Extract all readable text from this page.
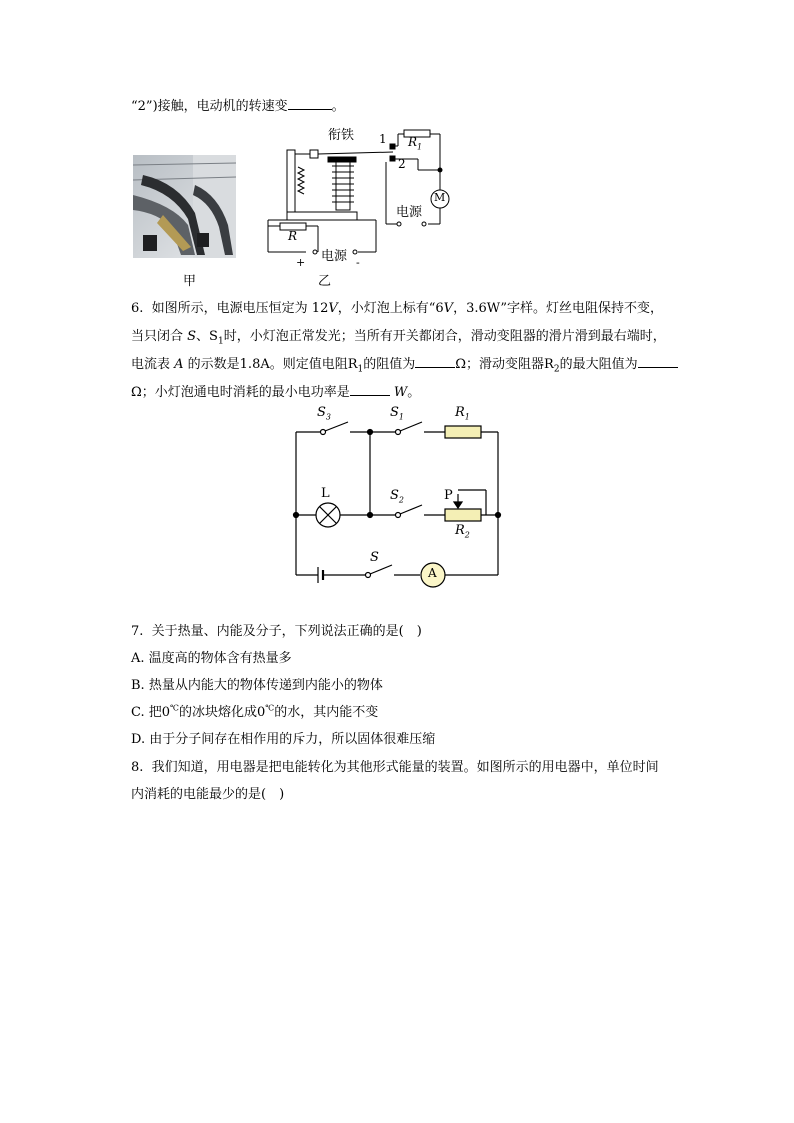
“2”)接触，电动机的转速变	。
甲
衔铁 1
2
$R_1$
M
电源
R
电源
+	-
乙
6. 如图所示，电源电压恒定为 12V，小灯泡上标有“6V，3.6W”字样。灯丝电阻保持不变，
当只闭合 S、$S_1$时，小灯泡正常发光；当所有开关都闭合，滑动变阻器的滑片滑到最右端时，
电流表 A 的示数是1.8A。则定值电阻$R_1$的阻值为	Ω；滑动变阻器$R_2$的最大阻值为
Ω；小灯泡通电时消耗的最小电功率是	W。
$S_3$	$S_1$	$R_1$
L	$S_2$	P
$R_2$
S
A
7. 关于热量、内能及分子，下列说法正确的是(　)
A. 温度高的物体含有热量多
B. 热量从内能大的物体传递到内能小的物体
C. 把0℃的冰块熔化成0℃的水，其内能不变
D. 由于分子间存在相作用的斥力，所以固体很难压缩
8. 我们知道，用电器是把电能转化为其他形式能量的装置。如图所示的用电器中，单位时间
内消耗的电能最少的是(　)
